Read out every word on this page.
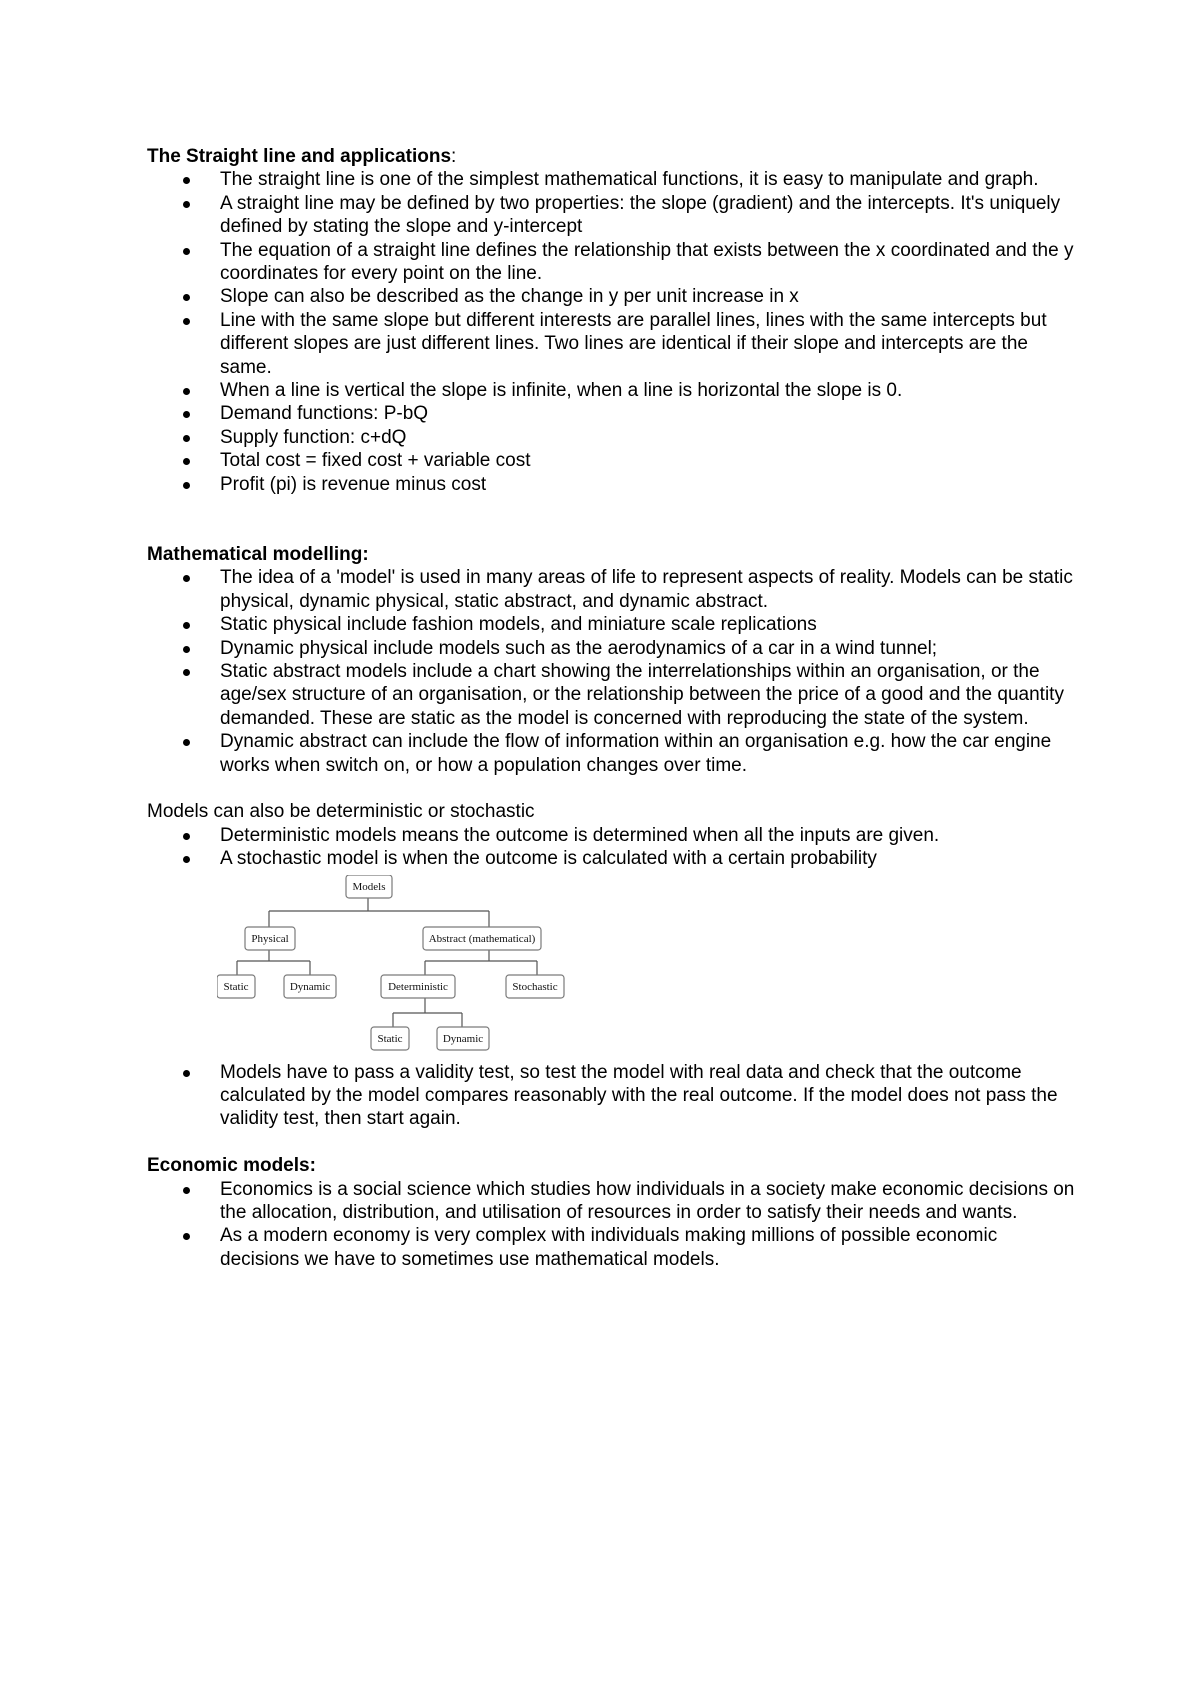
The Straight line and applications:

The straight line is one of the simplest mathematical functions, it is easy to manipulate and graph.
A straight line may be defined by two properties: the slope (gradient) and the intercepts. It's uniquely defined by stating the slope and y-intercept
The equation of a straight line defines the relationship that exists between the x coordinated and the y coordinates for every point on the line.
Slope can also be described as the change in y per unit increase in x
Line with the same slope but different interests are parallel lines, lines with the same intercepts but different slopes are just different lines. Two lines are identical if their slope and intercepts are the same.
When a line is vertical the slope is infinite, when a line is horizontal the slope is 0.
Demand functions: P-bQ
Supply function: c+dQ
Total cost = fixed cost + variable cost
Profit (pi) is revenue minus cost

Mathematical modelling:

The idea of a 'model' is used in many areas of life to represent aspects of reality. Models can be static physical, dynamic physical, static abstract, and dynamic abstract.
Static physical include fashion models, and miniature scale replications
Dynamic physical include models such as the aerodynamics of a car in a wind tunnel;
Static abstract models include a chart showing the interrelationships within an organisation, or the age/sex structure of an organisation, or the relationship between the price of a good and the quantity demanded. These are static as the model is concerned with reproducing the state of the system.
Dynamic abstract can include the flow of information within an organisation e.g. how the car engine works when switch on, or how a population changes over time.

Models can also be deterministic or stochastic

Deterministic models means the outcome is determined when all the inputs are given.
A stochastic model is when the outcome is calculated with a certain probability
Models
Physical	Abstract (mathematical)
Static	Dynamic	Deterministic	Stochastic
Static	Dynamic
Models have to pass a validity test, so test the model with real data and check that the outcome calculated by the model compares reasonably with the real outcome. If the model does not pass the validity test, then start again.

Economic models:

Economics is a social science which studies how individuals in a society make economic decisions on the allocation, distribution, and utilisation of resources in order to satisfy their needs and wants.
As a modern economy is very complex with individuals making millions of possible economic decisions we have to sometimes use mathematical models.
